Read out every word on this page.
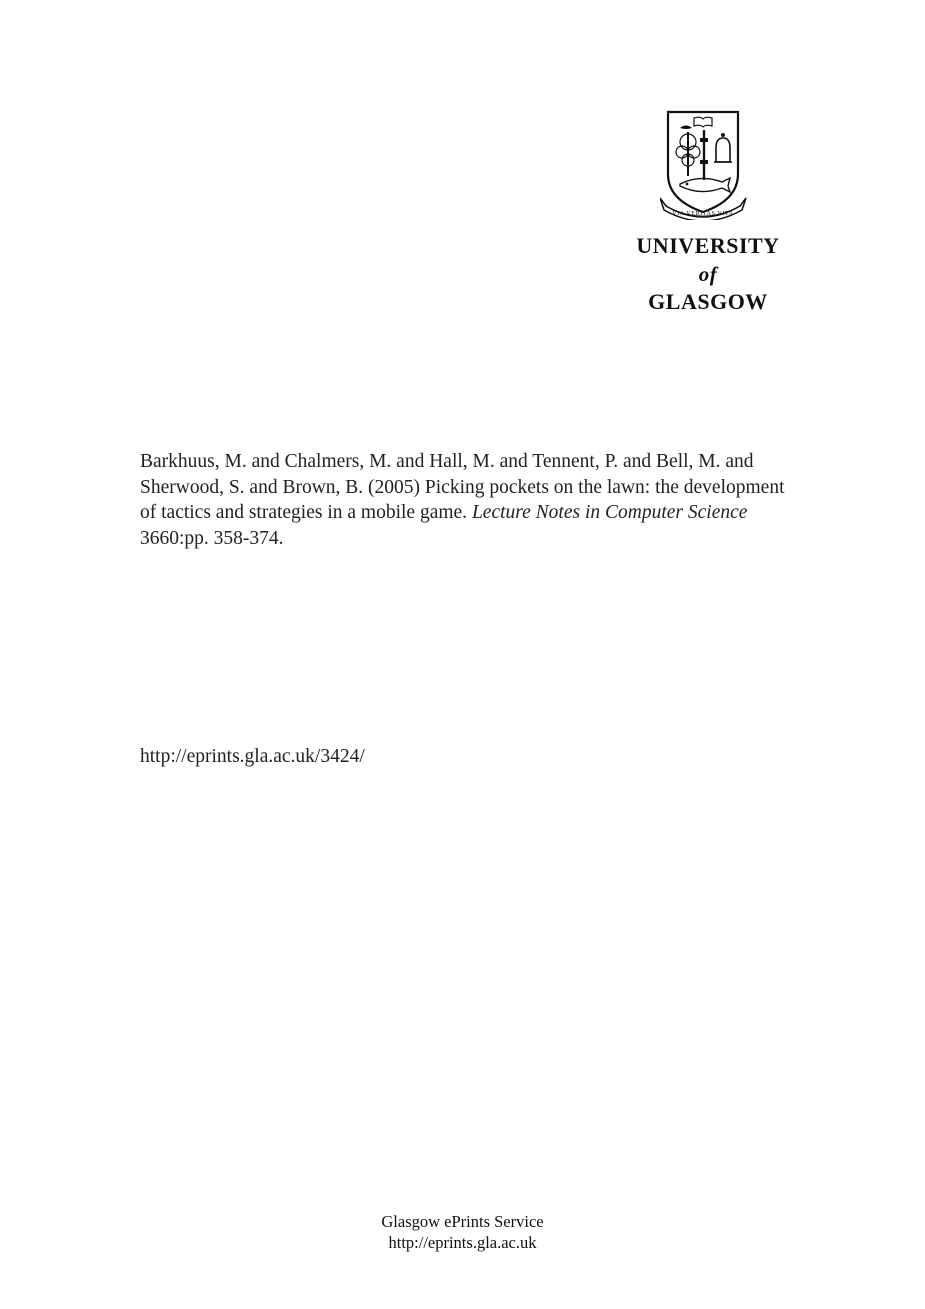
VIA VERITAS VITA
UNIVERSITY
of
GLASGOW
Barkhuus, M. and Chalmers, M. and Hall, M. and Tennent, P. and Bell, M. and Sherwood, S. and Brown, B. (2005) Picking pockets on the lawn: the development of tactics and strategies in a mobile game. Lecture Notes in Computer Science 3660:pp. 358-374.
http://eprints.gla.ac.uk/3424/
Glasgow ePrints Service
http://eprints.gla.ac.uk
